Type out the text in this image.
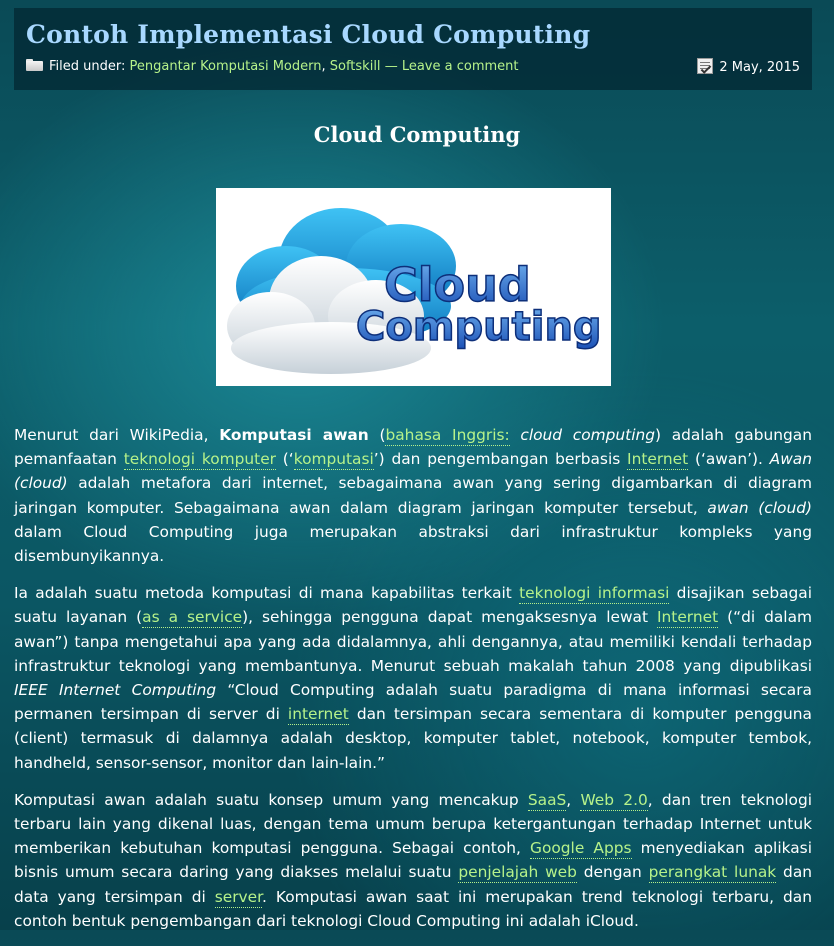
Contoh Implementasi Cloud Computing
Filed under: Pengantar Komputasi Modern, Softskill — Leave a comment	2 May, 2015
Cloud Computing
Cloud
Computing

Menurut dari WikiPedia, Komputasi awan (bahasa Inggris: cloud computing) adalah gabungan pemanfaatan teknologi komputer (‘komputasi’) dan pengembangan berbasis Internet (‘awan’). Awan (cloud) adalah metafora dari internet, sebagaimana awan yang sering digambarkan di diagram jaringan komputer. Sebagaimana awan dalam diagram jaringan komputer tersebut, awan (cloud) dalam Cloud Computing juga merupakan abstraksi dari infrastruktur kompleks yang disembunyikannya.

Ia adalah suatu metoda komputasi di mana kapabilitas terkait teknologi informasi disajikan sebagai suatu layanan (as a service), sehingga pengguna dapat mengaksesnya lewat Internet (“di dalam awan”) tanpa mengetahui apa yang ada didalamnya, ahli dengannya, atau memiliki kendali terhadap infrastruktur teknologi yang membantunya. Menurut sebuah makalah tahun 2008 yang dipublikasi IEEE Internet Computing “Cloud Computing adalah suatu paradigma di mana informasi secara permanen tersimpan di server di internet dan tersimpan secara sementara di komputer pengguna (client) termasuk di dalamnya adalah desktop, komputer tablet, notebook, komputer tembok, handheld, sensor-sensor, monitor dan lain-lain.”

Komputasi awan adalah suatu konsep umum yang mencakup SaaS, Web 2.0, dan tren teknologi terbaru lain yang dikenal luas, dengan tema umum berupa ketergantungan terhadap Internet untuk memberikan kebutuhan komputasi pengguna. Sebagai contoh, Google Apps menyediakan aplikasi bisnis umum secara daring yang diakses melalui suatu penjelajah web dengan perangkat lunak dan data yang tersimpan di server. Komputasi awan saat ini merupakan trend teknologi terbaru, dan contoh bentuk pengembangan dari teknologi Cloud Computing ini adalah iCloud.
